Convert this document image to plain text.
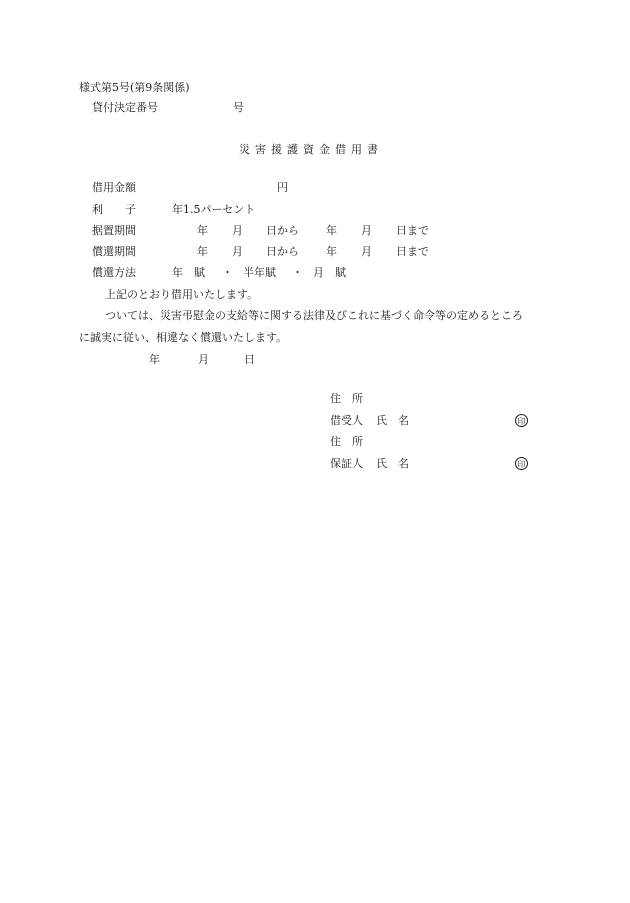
様式第5号(第9条関係)
貸付決定番号	号
災害援護資金借用書
借用金額	円
利　　子	年1.5パーセント
据置期間	年 月 日から 年 月 日まで
償還期間	年 月 日から 年 月 日まで
償還方法	年　賦 ・ 半年賦 ・ 月　賦
上記のとおり借用いたします。
ついては、災害弔慰金の支給等に関する法律及びこれに基づく命令等の定めるところ
に誠実に従い、相違なく償還いたします。
年	月	日
住　所
借受人 氏　名	印
住　所
保証人 氏　名	印
